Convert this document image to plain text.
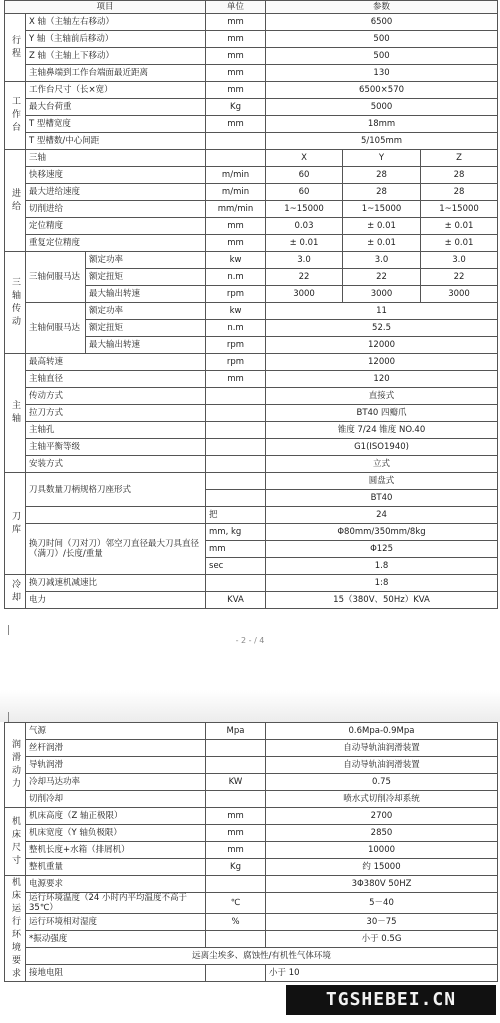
项目			单位	参数		
行程	X 轴（主轴左右移动）		mm	6500		
	Y 轴（主轴前后移动）		mm	500		
	Z 轴（主轴上下移动）		mm	500		
	主轴鼻端到工作台端面最近距离		mm	130		
工作台	工作台尺寸（长×宽）		mm	6500×570		
	最大台荷重		Kg	5000		
	T 型槽宽度		mm	18mm		
	T 型槽数/中心间距			5/105mm		
进给	三轴			X	Y	Z
	快移速度		m/min	60	28	28
	最大进给速度		m/min	60	28	28
	切削进给		mm/min	1~15000	1~15000	1~15000
	定位精度		mm	0.03	± 0.01	± 0.01
	重复定位精度		mm	± 0.01	± 0.01	± 0.01
三轴传动	三轴伺服马达	额定功率	kw	3.0	3.0	3.0
		额定扭矩	n.m	22	22	22
		最大输出转速	rpm	3000	3000	3000
	主轴伺服马达	额定功率	kw	11		
		额定扭矩	n.m	52.5		
		最大输出转速	rpm	12000		
主轴	最高转速		rpm	12000		
	主轴直径		mm	120		
	传动方式			直接式		
	拉刀方式			BT40 四瓣爪		
	主轴孔			锥度 7/24 锥度 NO.40		
	主轴平衡等级			G1(ISO1940)		
	安装方式			立式		
刀库	刀具数量刀柄规格刀座形式			圆盘式		
				BT40		
			把	24		
	换刀时间（刀对刀）邻空刀直径最大刀具直径（满刀）/长度/重量		mm, kg	Φ80mm/350mm/8kg		
			mm	Φ125		
			sec	1.8		
冷却	换刀减速机减速比			1:8		
	电力		KVA	15（380V、50Hz）KVA		
- 2 - / 4
润滑动力	气源	Mpa	0.6Mpa-0.9Mpa
	丝杆润滑		自动导轨油润滑装置
	导轨润滑		自动导轨油润滑装置
	冷却马达功率	KW	0.75
	切削冷却		喷水式切削冷却系统
机床尺寸	机床高度（Z 轴正极限）	mm	2700
	机床宽度（Y 轴负极限）	mm	2850
	整机长度+水箱（排屑机）	mm	10000
	整机重量	Kg	约 15000
机床运行环境要求	电源要求		3Φ380V 50HZ
	运行环境温度（24 小时内平均温度不高于 35℃）	℃	5－40
	运行环境相对湿度	%	30－75
	*振动强度		小于 0.5G
	远离尘埃多、腐蚀性/有机性气体环境		
	接地电阻		小于 10
TGSHEBEI.CN
